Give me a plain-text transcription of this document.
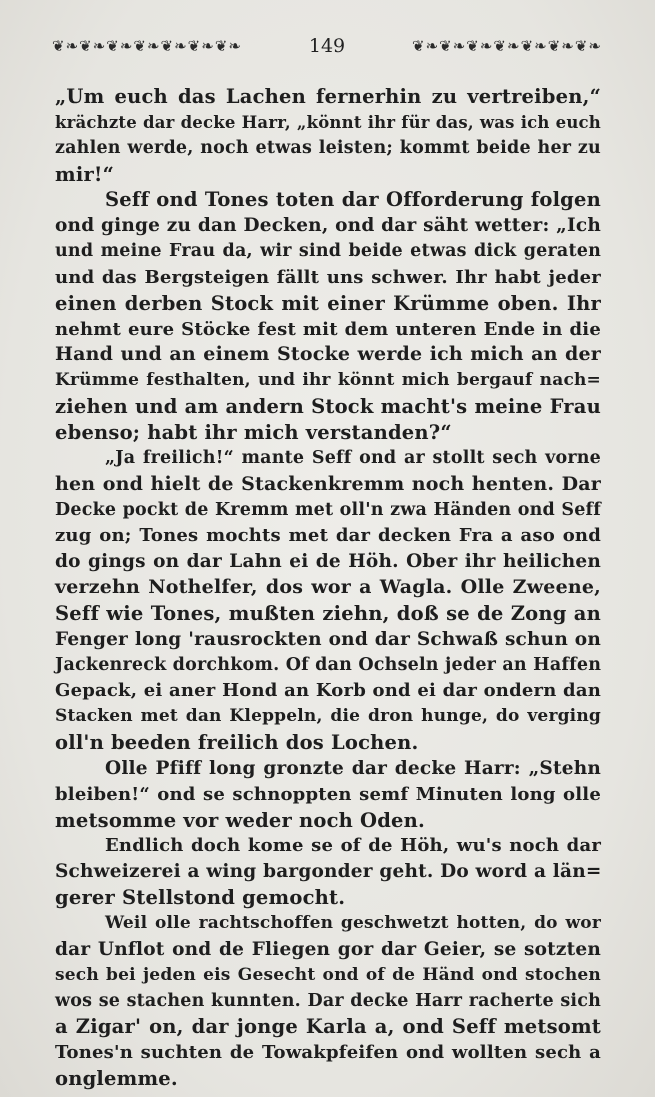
❦❧❦❧❦❧❦❧❦❧❦❧❦❧	149	❦❧❦❧❦❧❦❧❦❧❦❧❦❧
„Um euch das Lachen fernerhin zu vertreiben,“
krächzte dar decke Harr, „könnt ihr für das, was ich euch
zahlen werde, noch etwas leisten; kommt beide her zu
mir!“
Seff ond Tones toten dar Offorderung folgen
ond ginge zu dan Decken, ond dar säht wetter: „Ich
und meine Frau da, wir sind beide etwas dick geraten
und das Bergsteigen fällt uns schwer. Ihr habt jeder
einen derben Stock mit einer Krümme oben. Ihr
nehmt eure Stöcke fest mit dem unteren Ende in die
Hand und an einem Stocke werde ich mich an der
Krümme festhalten, und ihr könnt mich bergauf nach=
ziehen und am andern Stock macht's meine Frau
ebenso; habt ihr mich verstanden?“
„Ja freilich!“ mante Seff ond ar stollt sech vorne
hen ond hielt de Stackenkremm noch henten. Dar
Decke pockt de Kremm met oll'n zwa Händen ond Seff
zug on; Tones mochts met dar decken Fra a aso ond
do gings on dar Lahn ei de Höh. Ober ihr heilichen
verzehn Nothelfer, dos wor a Wagla. Olle Zweene,
Seff wie Tones, mußten ziehn, doß se de Zong an
Fenger long 'rausrockten ond dar Schwaß schun on
Jackenreck dorchkom. Of dan Ochseln jeder an Haffen
Gepack, ei aner Hond an Korb ond ei dar ondern dan
Stacken met dan Kleppeln, die dron hunge, do verging
oll'n beeden freilich dos Lochen.
Olle Pfiff long gronzte dar decke Harr: „Stehn
bleiben!“ ond se schnoppten semf Minuten long olle
metsomme vor weder noch Oden.
Endlich doch kome se of de Höh, wu's noch dar
Schweizerei a wing bargonder geht. Do word a län=
gerer Stellstond gemocht.
Weil olle rachtschoffen geschwetzt hotten, do wor
dar Unflot ond de Fliegen gor dar Geier, se sotzten
sech bei jeden eis Gesecht ond of de Händ ond stochen
wos se stachen kunnten. Dar decke Harr racherte sich
a Zigar' on, dar jonge Karla a, ond Seff metsomt
Tones'n suchten de Towakpfeifen ond wollten sech a
onglemme.
